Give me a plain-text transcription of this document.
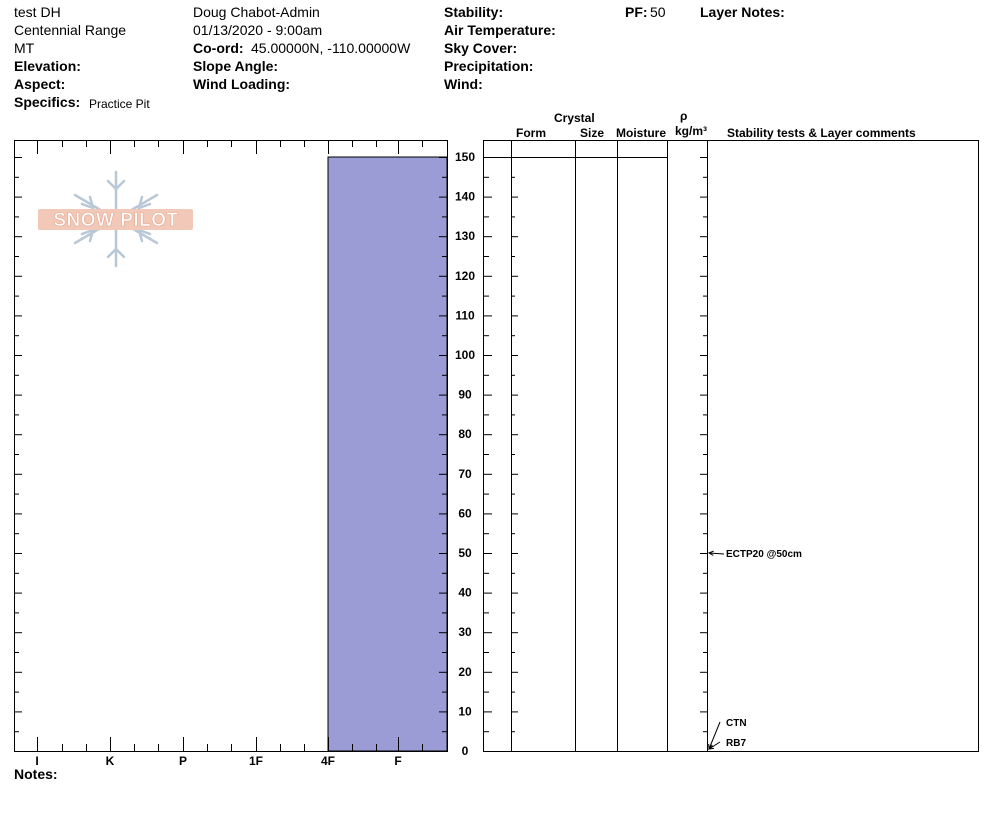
test DH
Centennial Range
MT
Elevation:
Aspect:
Specifics: Practice Pit
Doug Chabot-Admin
01/13/2020 - 9:00am
Co-ord: 45.00000N, -110.00000W
Slope Angle:
Wind Loading:
Stability:
Air Temperature:
Sky Cover:
Precipitation:
Wind:
PF: 50 Layer Notes:
Crystal
Form	Size Moisture
ρ
kg/m³ Stability tests & Layer comments
Notes:
SNOW PILOT
I	K	P	1F	4F	F
0
10
20
30
40
50
60
70
80
90
100
110
120
130
140
150
ECTP20 @50cm
CTN
RB7
